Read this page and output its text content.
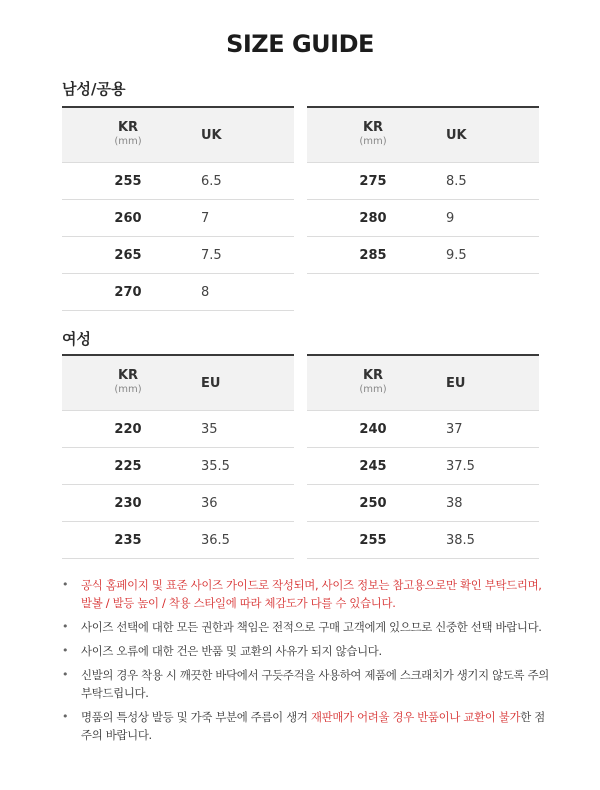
SIZE GUIDE
남성/공용
KR
(mm)	UK
255	6.5
260	7
265	7.5
270	8
KR
(mm)	UK
275	8.5
280	9
285	9.5
여성
KR
(mm)	EU
220	35
225	35.5
230	36
235	36.5
KR
(mm)	EU
240	37
245	37.5
250	38
255	38.5
•	공식 홈페이지 및 표준 사이즈 가이드로 작성되며, 사이즈 정보는 참고용으로만 확인 부탁드리며, 발볼 / 발등 높이 / 착용 스타일에 따라 체감도가 다를 수 있습니다.
•	사이즈 선택에 대한 모든 권한과 책임은 전적으로 구매 고객에게 있으므로 신중한 선택 바랍니다.
•	사이즈 오류에 대한 건은 반품 및 교환의 사유가 되지 않습니다.
•	신발의 경우 착용 시 깨끗한 바닥에서 구듯주걱을 사용하여 제품에 스크래치가 생기지 않도록 주의 부탁드립니다.
•	명품의 특성상 발등 및 가죽 부분에 주름이 생겨 재판매가 어려울 경우 반품이나 교환이 불가한 점 주의 바랍니다.
